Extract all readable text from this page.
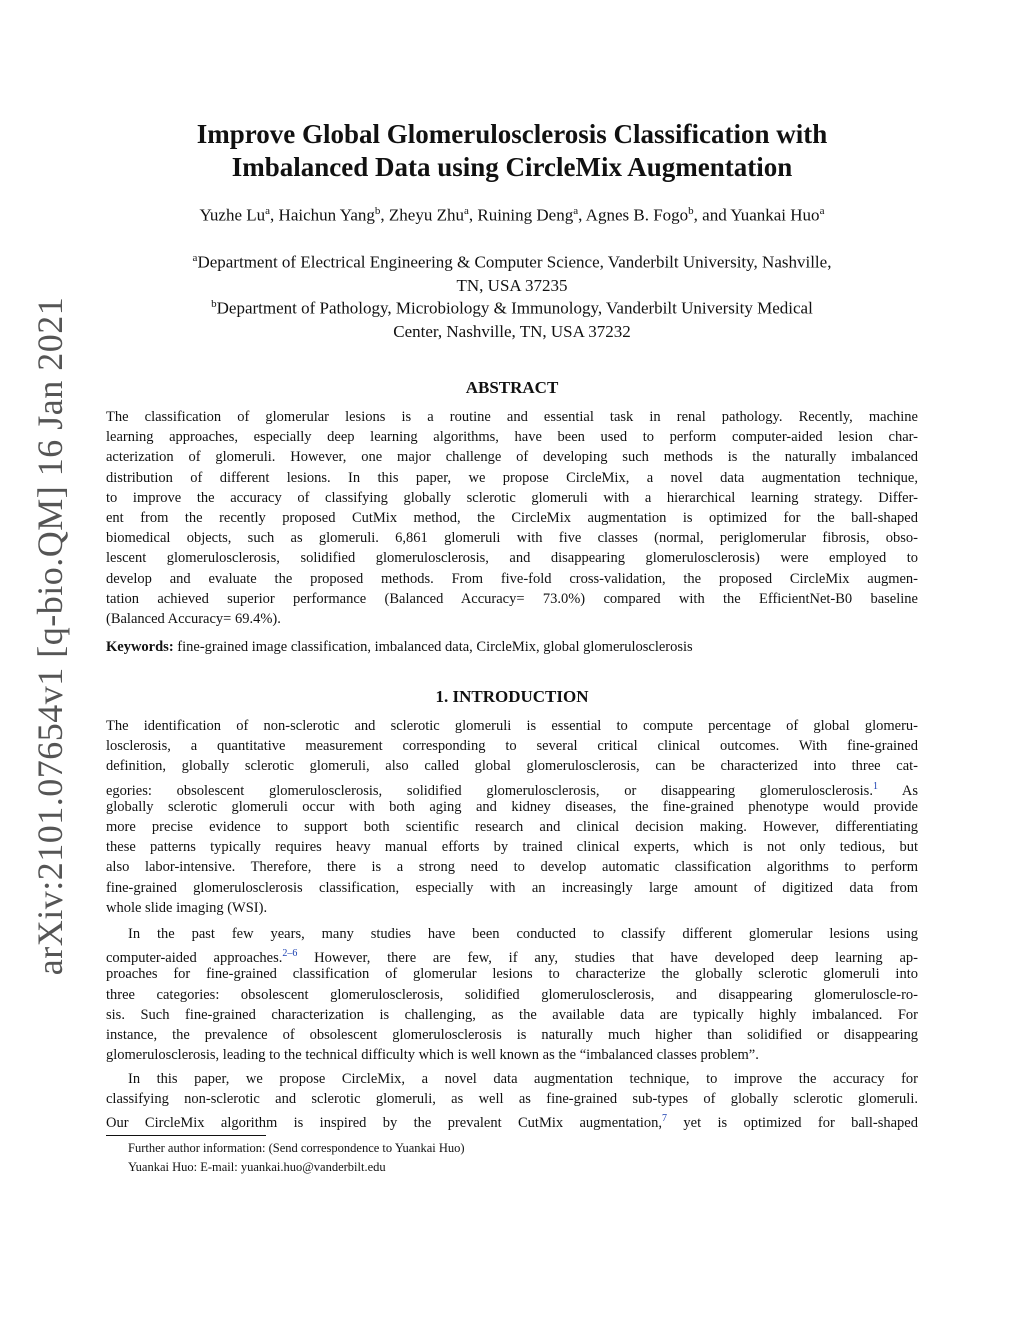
arXiv:2101.07654v1 [q-bio.QM] 16 Jan 2021
Improve Global Glomerulosclerosis Classification with
Imbalanced Data using CircleMix Augmentation
Yuzhe Lu$^a$, Haichun Yang$^b$, Zheyu Zhu$^a$, Ruining Deng$^a$, Agnes B. Fogo$^b$, and Yuankai Huo$^a$
$^a$Department of Electrical Engineering & Computer Science, Vanderbilt University, Nashville,
TN, USA 37235
$^b$Department of Pathology, Microbiology & Immunology, Vanderbilt University Medical
Center, Nashville, TN, USA 37232
ABSTRACT
The classification of glomerular lesions is a routine and essential task in renal pathology. Recently, machine
learning approaches, especially deep learning algorithms, have been used to perform computer-aided lesion char-
acterization of glomeruli. However, one major challenge of developing such methods is the naturally imbalanced
distribution of different lesions. In this paper, we propose CircleMix, a novel data augmentation technique,
to improve the accuracy of classifying globally sclerotic glomeruli with a hierarchical learning strategy. Differ-
ent from the recently proposed CutMix method, the CircleMix augmentation is optimized for the ball-shaped
biomedical objects, such as glomeruli. 6,861 glomeruli with five classes (normal, periglomerular fibrosis, obso-
lescent glomerulosclerosis, solidified glomerulosclerosis, and disappearing glomerulosclerosis) were employed to
develop and evaluate the proposed methods. From five-fold cross-validation, the proposed CircleMix augmen-
tation achieved superior performance (Balanced Accuracy= 73.0%) compared with the EfficientNet-B0 baseline
(Balanced Accuracy= 69.4%).
Keywords: fine-grained image classification, imbalanced data, CircleMix, global glomerulosclerosis
1. INTRODUCTION
The identification of non-sclerotic and sclerotic glomeruli is essential to compute percentage of global glomeru-
losclerosis, a quantitative measurement corresponding to several critical clinical outcomes. With fine-grained
definition, globally sclerotic glomeruli, also called global glomerulosclerosis, can be characterized into three cat-
egories: obsolescent glomerulosclerosis, solidified glomerulosclerosis, or disappearing glomerulosclerosis.$^1$ As
globally sclerotic glomeruli occur with both aging and kidney diseases, the fine-grained phenotype would provide
more precise evidence to support both scientific research and clinical decision making. However, differentiating
these patterns typically requires heavy manual efforts by trained clinical experts, which is not only tedious, but
also labor-intensive. Therefore, there is a strong need to develop automatic classification algorithms to perform
fine-grained glomerulosclerosis classification, especially with an increasingly large amount of digitized data from
whole slide imaging (WSI).
In the past few years, many studies have been conducted to classify different glomerular lesions using
computer-aided approaches.$^{2-6}$ However, there are few, if any, studies that have developed deep learning ap-
proaches for fine-grained classification of glomerular lesions to characterize the globally sclerotic glomeruli into
three categories: obsolescent glomerulosclerosis, solidified glomerulosclerosis, and disappearing glomeruloscle-ro-
sis. Such fine-grained characterization is challenging, as the available data are typically highly imbalanced. For
instance, the prevalence of obsolescent glomerulosclerosis is naturally much higher than solidified or disappearing
glomerulosclerosis, leading to the technical difficulty which is well known as the “imbalanced classes problem”.
In this paper, we propose CircleMix, a novel data augmentation technique, to improve the accuracy for
classifying non-sclerotic and sclerotic glomeruli, as well as fine-grained sub-types of globally sclerotic glomeruli.
Our CircleMix algorithm is inspired by the prevalent CutMix augmentation,$^7$ yet is optimized for ball-shaped
Further author information: (Send correspondence to Yuankai Huo)
Yuankai Huo: E-mail: yuankai.huo@vanderbilt.edu
